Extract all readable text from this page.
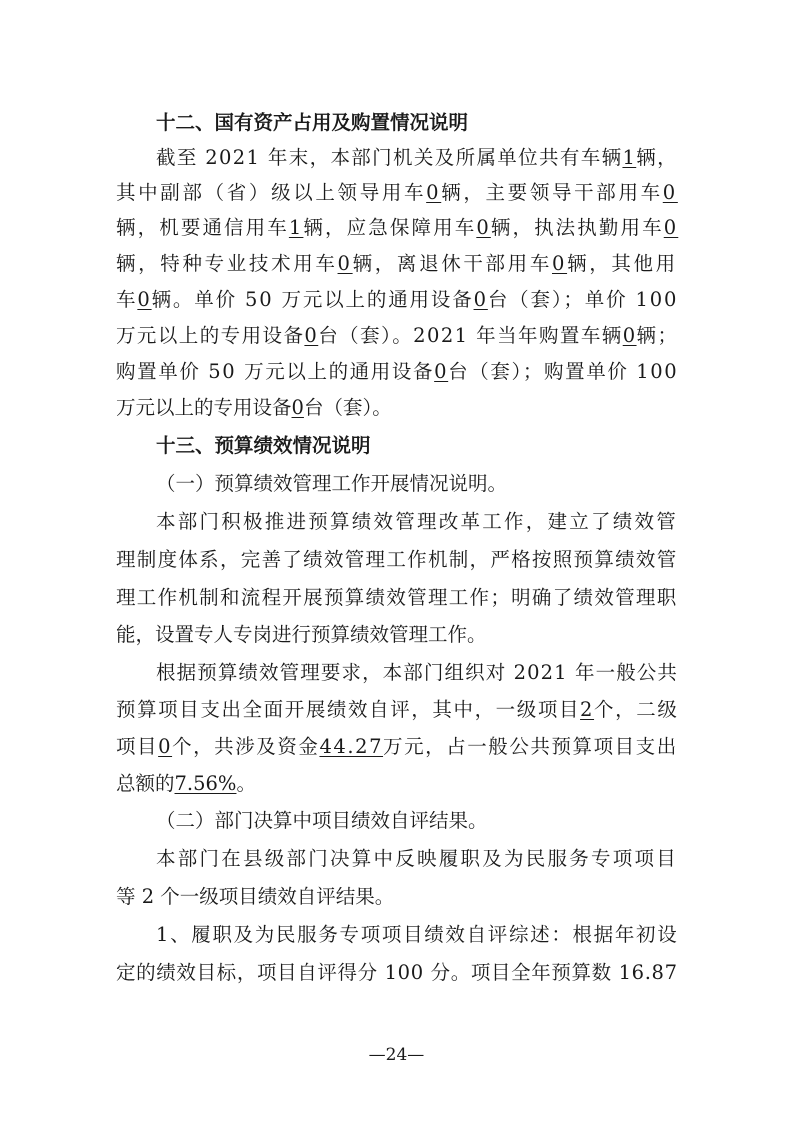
十二、国有资产占用及购置情况说明
截至 2021 年末，本部门机关及所属单位共有车辆1辆，
其中副部（省）级以上领导用车0辆，主要领导干部用车0
辆，机要通信用车1辆，应急保障用车0辆，执法执勤用车0
辆，特种专业技术用车0辆，离退休干部用车0辆，其他用
车0辆。单价 50 万元以上的通用设备0台（套）；单价 100
万元以上的专用设备0台（套）。2021 年当年购置车辆0辆；
购置单价 50 万元以上的通用设备0台（套）；购置单价 100
万元以上的专用设备0台（套）。
十三、预算绩效情况说明
（一）预算绩效管理工作开展情况说明。
本部门积极推进预算绩效管理改革工作，建立了绩效管
理制度体系，完善了绩效管理工作机制，严格按照预算绩效管
理工作机制和流程开展预算绩效管理工作；明确了绩效管理职
能，设置专人专岗进行预算绩效管理工作。
根据预算绩效管理要求，本部门组织对 2021 年一般公共
预算项目支出全面开展绩效自评，其中，一级项目2个，二级
项目0个，共涉及资金44.27万元，占一般公共预算项目支出
总额的7.56%。
（二）部门决算中项目绩效自评结果。
本部门在县级部门决算中反映履职及为民服务专项项目
等 2 个一级项目绩效自评结果。
1、履职及为民服务专项项目绩效自评综述：根据年初设
定的绩效目标，项目自评得分 100 分。项目全年预算数 16.87
—24—
